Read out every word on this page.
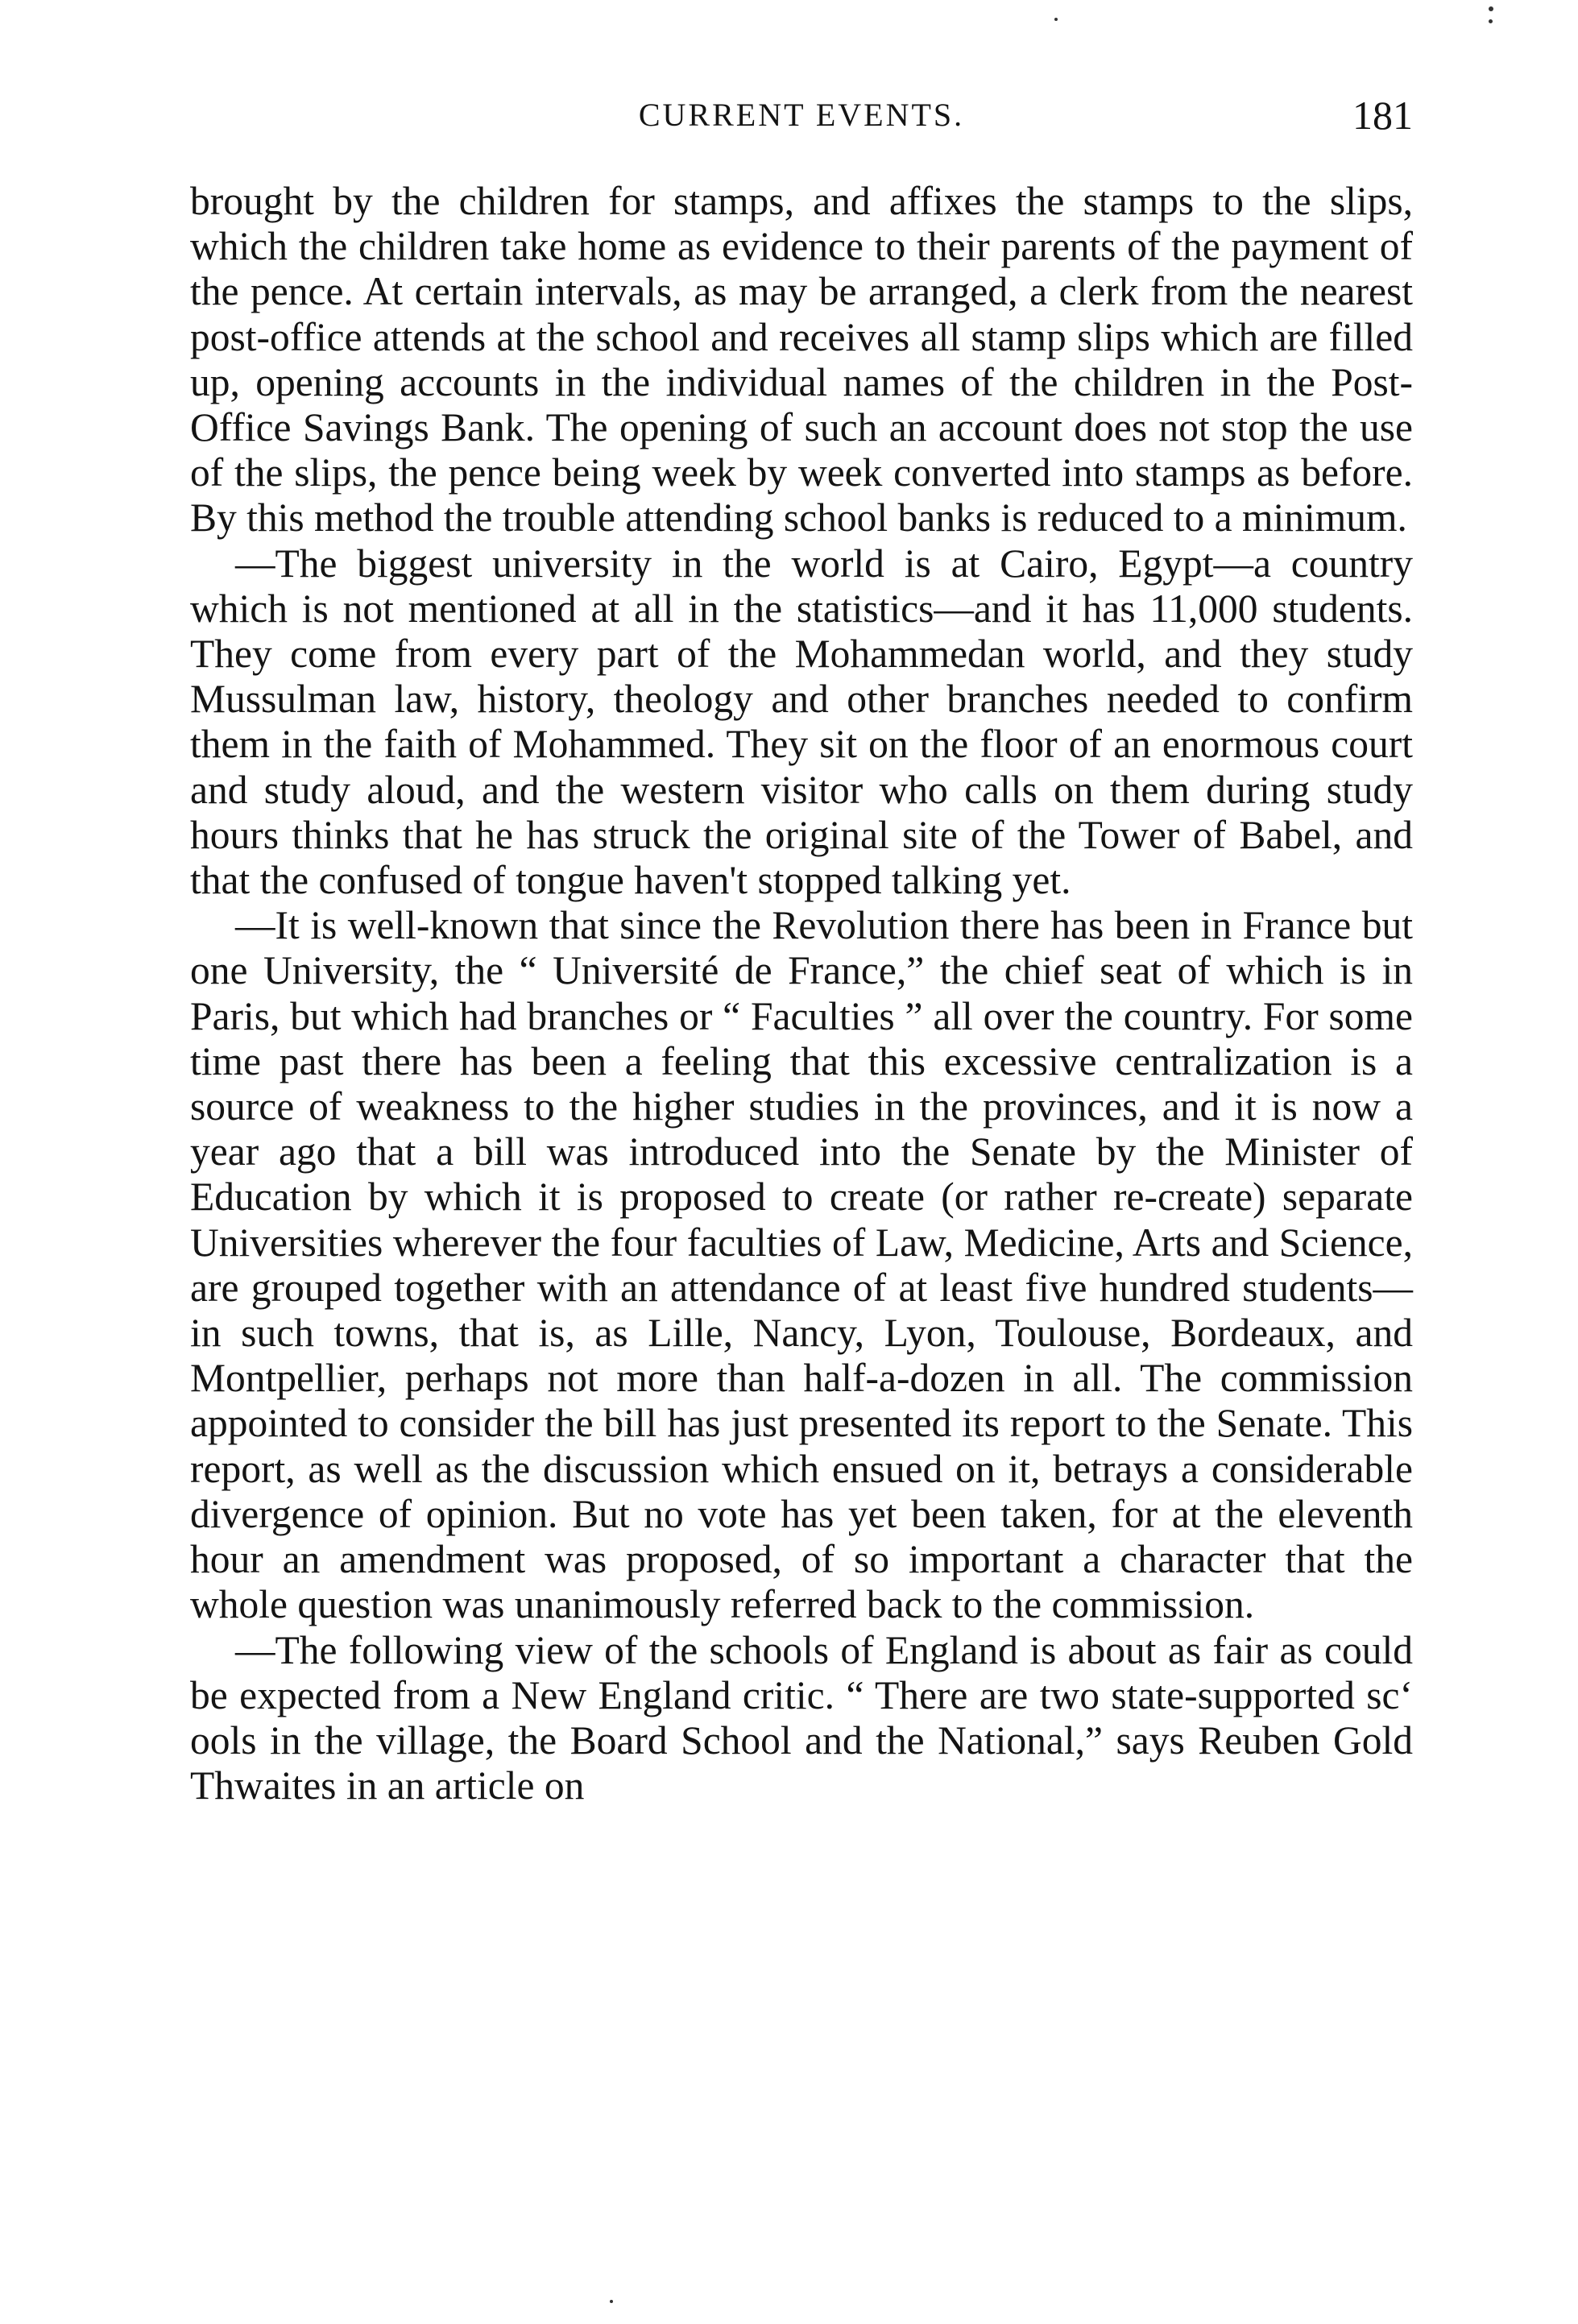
CURRENT EVENTS.	181

brought by the children for stamps, and affixes the stamps to the slips, which the children take home as evidence to their parents of the payment of the pence. At certain intervals, as may be arranged, a clerk from the nearest post-office attends at the school and receives all stamp slips which are filled up, opening accounts in the individual names of the children in the Post-Office Savings Bank. The opening of such an account does not stop the use of the slips, the pence being week by week converted into stamps as before. By this method the trouble attending school banks is reduced to a minimum.

—The biggest university in the world is at Cairo, Egypt—a country which is not mentioned at all in the statistics—and it has 11,000 students. They come from every part of the Mohammedan world, and they study Mussulman law, history, theology and other branches needed to confirm them in the faith of Mohammed. They sit on the floor of an enormous court and study aloud, and the western visitor who calls on them during study hours thinks that he has struck the original site of the Tower of Babel, and that the confused of tongue haven't stopped talking yet.

—It is well-known that since the Revolution there has been in France but one University, the “ Université de France,” the chief seat of which is in Paris, but which had branches or “ Faculties ” all over the country. For some time past there has been a feeling that this excessive centralization is a source of weakness to the higher studies in the provinces, and it is now a year ago that a bill was introduced into the Senate by the Minister of Education by which it is proposed to create (or rather re-create) separate Universities wherever the four faculties of Law, Medicine, Arts and Science, are grouped together with an attendance of at least five hundred students—in such towns, that is, as Lille, Nancy, Lyon, Toulouse, Bordeaux, and Montpellier, perhaps not more than half-a-dozen in all. The commission appointed to consider the bill has just presented its report to the Senate. This report, as well as the discussion which ensued on it, betrays a considerable divergence of opinion. But no vote has yet been taken, for at the eleventh hour an amendment was proposed, of so important a character that the whole question was unanimously referred back to the commission.

—The following view of the schools of England is about as fair as could be expected from a New England critic. “ There are two state-supported sc‘ ools in the village, the Board School and the National,” says Reuben Gold Thwaites in an article on
